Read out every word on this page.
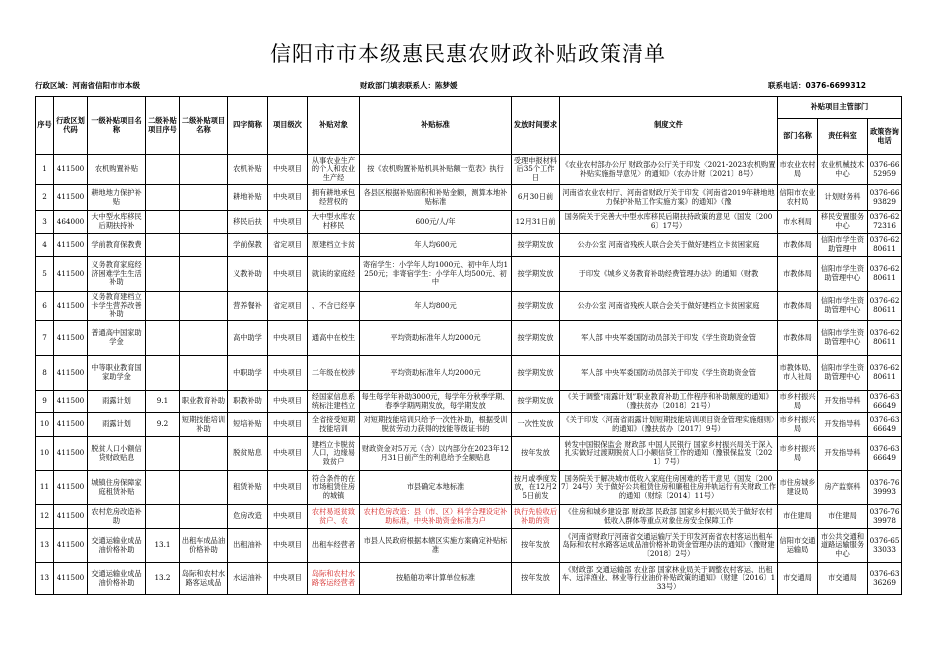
信阳市市本级惠民惠农财政补贴政策清单
行政区域：河南省信阳市市本级	财政部门填表联系人：陈梦媛	联系电话：0376-6699312
序号	行政区划代码	一级补贴项目名称	二级补贴项目序号	二级补贴项目名称	四字简称	项目级次	补贴对象	补贴标准	发放时间要求	制度文件	补贴项目主管部门		
											部门名称	责任科室	政策咨询电话
1	411500	农机购置补贴			农机补贴	中央项目	从事农业生产的个人和农业生产经	按《农机购置补贴机具补贴额一览表》执行	受理申报材料后35个工作日	《农业农村部办公厅 财政部办公厅关于印发〈2021-2023农机购置补贴实施指导意见〉的通知》（农办计财〔2021〕8号）	市农业农村局	农业机械技术中心	0376-6652959
2	411500	耕地地力保护补贴			耕地补贴	中央项目	拥有耕地承包经营权的	各县区根据补贴面积和补贴金额，测算本地补贴标准	6月30日前	河南省农业农村厅、河南省财政厅关于印发《河南省2019年耕地地力保护补贴工作实施方案》的通知》（豫	信阳市农业农村局	计划财务科	0376-6693829
3	464000	大中型水库移民后期扶持补			移民后扶	中央项目	大中型水库农村移民	600元/人/年	12月31日前	国务院关于完善大中型水库移民后期扶持政策的意见（国发〔2006〕17号）	市水利局	移民安置服务中心	0376-6272316
4	411500	学前教育保教费			学前保教	省定项目	原建档立卡贫	年人均600元	按学期发放	公办公室 河南省残疾人联合会关于做好建档立卡贫困家庭	市教体局	信阳市学生资助管理中	0376-6280611
5	411500	义务教育家庭经济困难学生生活补助			义教补助	中央项目	就读的家庭经	寄宿学生：小学年人均1000元、初中年人均1250元；非寄宿学生：小学年人均500元、初中	按学期发放	于印发《城乡义务教育补助经费管理办法》的通知（财教	市教体局	信阳市学生资助管理中心	0376-6280611
6	411500	义务教育建档立卡学生营养改善补助			营养餐补	省定项目	、不含已经享	年人均800元	按学期发放	公办公室 河南省残疾人联合会关于做好建档立卡贫困家庭	市教体局	信阳市学生资助管理中心	0376-6280611
7	411500	普通高中国家助学金			高中助学	中央项目	通高中在校生	平均资助标准年人均2000元	按学期发放	军人部 中央军委国防动员部关于印发《学生资助资金管	市教体局	信阳市学生资助管理中心	0376-6280611
8	411500	中等职业教育国家助学金			中职助学	中央项目	二年级在校涉	平均资助标准年人均2000元	按学期发放	军人部 中央军委国防动员部关于印发《学生资助资金管	市教体局、市人社局	信阳市学生资助管理中心	0376-6280611
9	411500	雨露计划	9.1	职业教育补助	职教补助	中央项目	经国家信息系统标注建档立	每生每学年补助3000元，每学年分秋季学期、春季学期两期发放，每学期发放	按学期发放	《关于调整“雨露计划”职业教育补助工作程序和补助额度的通知》（豫扶贫办〔2018〕21号）	市乡村振兴局	开发指导科	0376-6366649
10	411500	雨露计划	9.2	短期技能培训补助	短培补贴	中央项目	全省接受短期技能培训	对短期技能培训只给予一次性补助，根据受训脱贫劳动力获得的技能等级证书的	一次性发放	《关于印发〈河南省雨露计划短期技能培训项目资金管理实施细则〉的通知》（豫扶贫办〔2017〕9号）	市乡村振兴局	开发指导科	0376-6366649
10	411500	脱贫人口小额信贷财政贴息			脱贫贴息	中央项目	建档立卡脱贫人口，边缘易致贫户	财政资金对5万元（含）以内部分在2023年12月31日前产生的利息给予全额贴息	按年发放	转发中国银保监会 财政部 中国人民银行 国家乡村振兴局关于深入扎实做好过渡期脱贫人口小额信贷工作的通知（豫银保监发〔2021〕7号）	市乡村振兴局	开发指导科	0376-6366649
11	411500	城镇住房保障家庭租赁补贴			租赁补贴	中央项目	符合条件的在市场租赁住房的城镇	市县确定本地标准	按月或季度发放，在12月25日前发	国务院关于解决城市低收入家庭住房困难的若干意见（国发〔2007〕24号）关于做好公共租赁住房和廉租住房并轨运行有关财政工作的通知（财综〔2014〕11号）	市住房城乡建设局	房产监察科	0376-7639993
12	411500	农村危房改造补助			危房改造	中央项目	农村易返贫致贫户、农	农村危房改造：县（市、区）科学合理设定补助标准，中央补助资金标准为户	执行先验收后补助的资	《住房和城乡建设部 财政部 民政部 国家乡村振兴局关于做好农村低收入群体等重点对象住房安全保障工作	市住建局	市住建局	0376-7639978
13	411500	交通运输业成品油价格补助	13.1	出租车成品油价格补助	出租油补	中央项目	出租车经营者	市县人民政府根据本辖区实施方案确定补贴标准	按年发放	《河南省财政厅河南省交通运输厅关于印发河南省农村客运出租车岛际和农村水路客运成品油价格补助资金管理办法的通知》（豫财建〔2018〕2号）	信阳市交通运输局	市公共交通和道路运输服务中心	0376-6533033
13	411500	交通运输业成品油价格补助	13.2	岛际和农村水路客运成品	水运油补	中央项目	岛际和农村水路客运经营者	按船舶功率计算单位标准	按年发放	《财政部 交通运输部 农业部 国家林业局关于调整农村客运、出租车、远洋渔业、林业等行业油价补贴政策的通知》（财建〔2016〕133号）	市交通局	市交通局	0376-6336269
